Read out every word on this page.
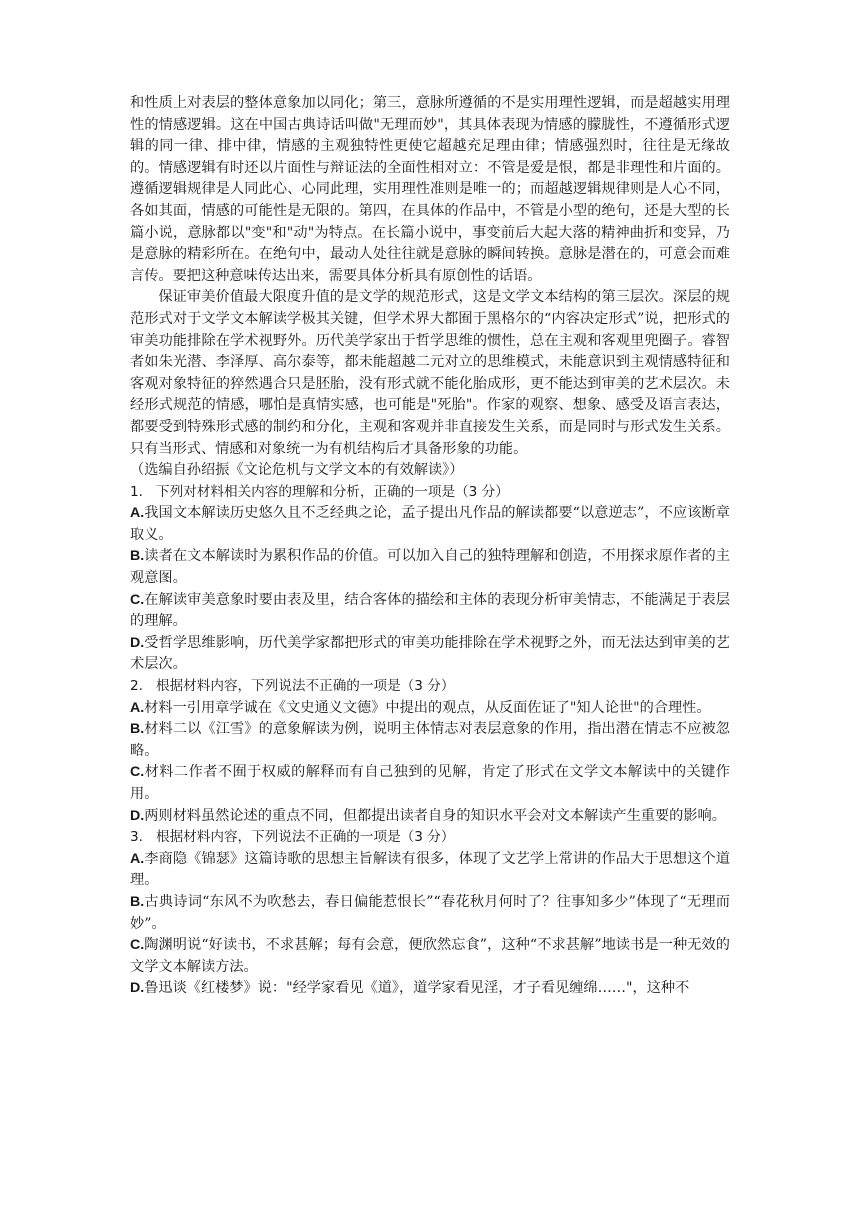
和性质上对表层的整体意象加以同化；第三，意脉所遵循的不是实用理性逻辑，而是超越实用理性的情感逻辑。这在中国古典诗话叫做"无理而妙"，其具体表现为情感的朦胧性，不遵循形式逻辑的同一律、排中律，情感的主观独特性更使它超越充足理由律；情感强烈时，往往是无缘故的。情感逻辑有时还以片面性与辩证法的全面性相对立：不管是爱是恨，都是非理性和片面的。遵循逻辑规律是人同此心、心同此理，实用理性准则是唯一的；而超越逻辑规律则是人心不同，各如其面，情感的可能性是无限的。第四，在具体的作品中，不管是小型的绝句，还是大型的长篇小说，意脉都以"变"和"动"为特点。在长篇小说中，事变前后大起大落的精神曲折和变异，乃是意脉的精彩所在。在绝句中，最动人处往往就是意脉的瞬间转换。意脉是潜在的，可意会而难言传。要把这种意味传达出来，需要具体分析具有原创性的话语。

保证审美价值最大限度升值的是文学的规范形式，这是文学文本结构的第三层次。深层的规范形式对于文学文本解读学极其关键，但学术界大都囿于黑格尔的“内容决定形式”说，把形式的审美功能排除在学术视野外。历代美学家出于哲学思维的惯性，总在主观和客观里兜圈子。睿智者如朱光潜、李泽厚、高尔泰等，都未能超越二元对立的思维模式，未能意识到主观情感特征和客观对象特征的猝然遇合只是胚胎，没有形式就不能化胎成形，更不能达到审美的艺术层次。未经形式规范的情感，哪怕是真情实感，也可能是"死胎"。作家的观察、想象、感受及语言表达，都要受到特殊形式感的制约和分化，主观和客观并非直接发生关系，而是同时与形式发生关系。只有当形式、情感和对象统一为有机结构后才具备形象的功能。

（选编自孙绍振《文论危机与文学文本的有效解读》）

1. 下列对材料相关内容的理解和分析，正确的一项是（3 分）

A.我国文本解读历史悠久且不乏经典之论，孟子提出凡作品的解读都要“以意逆志”，不应该断章取义。

B.读者在文本解读时为累积作品的价值。可以加入自己的独特理解和创造，不用探求原作者的主观意图。

C.在解读审美意象时要由表及里，结合客体的描绘和主体的表现分析审美情志，不能满足于表层的理解。

D.受哲学思维影响，历代美学家都把形式的审美功能排除在学术视野之外，而无法达到审美的艺术层次。

2. 根据材料内容，下列说法不正确的一项是（3 分）

A.材料一引用章学诚在《文史通义文德》中提出的观点，从反面佐证了"知人论世"的合理性。

B.材料二以《江雪》的意象解读为例，说明主体情志对表层意象的作用，指出潜在情志不应被忽略。

C.材料二作者不囿于权威的解释而有自己独到的见解，肯定了形式在文学文本解读中的关键作用。

D.两则材料虽然论述的重点不同，但都提出读者自身的知识水平会对文本解读产生重要的影响。

3. 根据材料内容，下列说法不正确的一项是（3 分）

A.李商隐《锦瑟》这篇诗歌的思想主旨解读有很多，体现了文艺学上常讲的作品大于思想这个道理。

B.古典诗词“东风不为吹愁去，春日偏能惹恨长”“春花秋月何时了？往事知多少”体现了“无理而妙”。

C.陶渊明说“好读书，不求甚解；每有会意，便欣然忘食”，这种“不求甚解”地读书是一种无效的文学文本解读方法。

D.鲁迅谈《红楼梦》说："经学家看见《道》，道学家看见淫，才子看见缠绵……"，这种不
